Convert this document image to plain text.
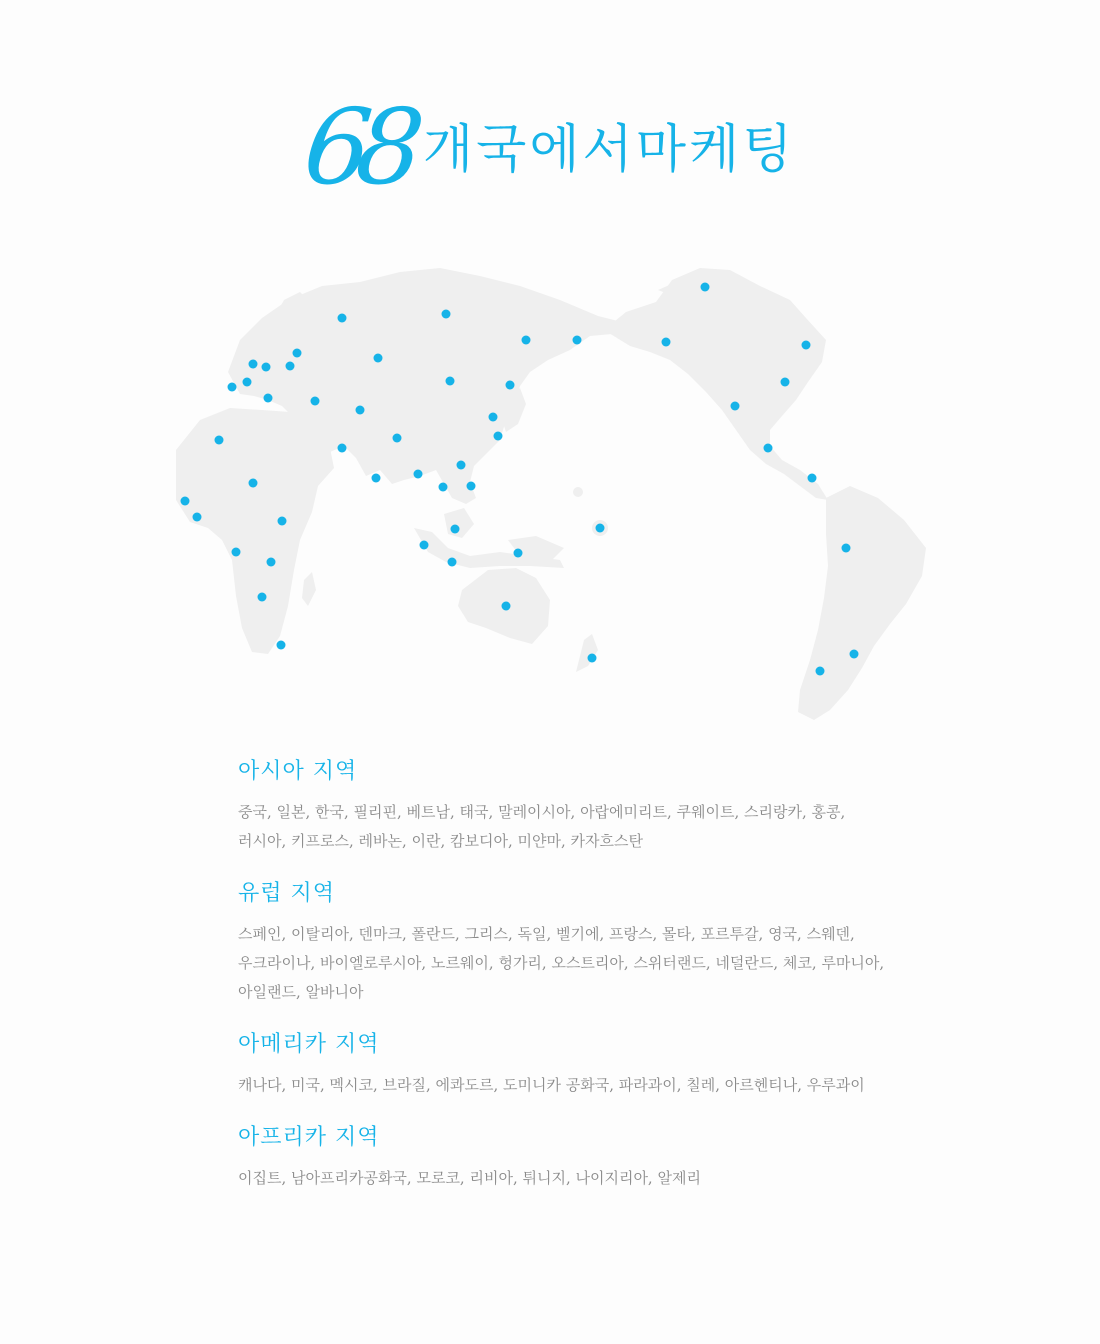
68 개국에서마케팅
아시아 지역

중국, 일본, 한국, 필리핀, 베트남, 태국, 말레이시아, 아랍에미리트, 쿠웨이트, 스리랑카, 홍콩,
러시아, 키프로스, 레바논, 이란, 캄보디아, 미얀마, 카자흐스탄

유럽 지역

스페인, 이탈리아, 덴마크, 폴란드, 그리스, 독일, 벨기에, 프랑스, 몰타, 포르투갈, 영국, 스웨덴,
우크라이나, 바이엘로루시아, 노르웨이, 헝가리, 오스트리아, 스위터랜드, 네덜란드, 체코, 루마니아,
아일랜드, 알바니아

아메리카 지역

캐나다, 미국, 멕시코, 브라질, 에콰도르, 도미니카 공화국, 파라과이, 칠레, 아르헨티나, 우루과이

아프리카 지역

이집트, 남아프리카공화국, 모로코, 리비아, 튀니지, 나이지리아, 알제리
